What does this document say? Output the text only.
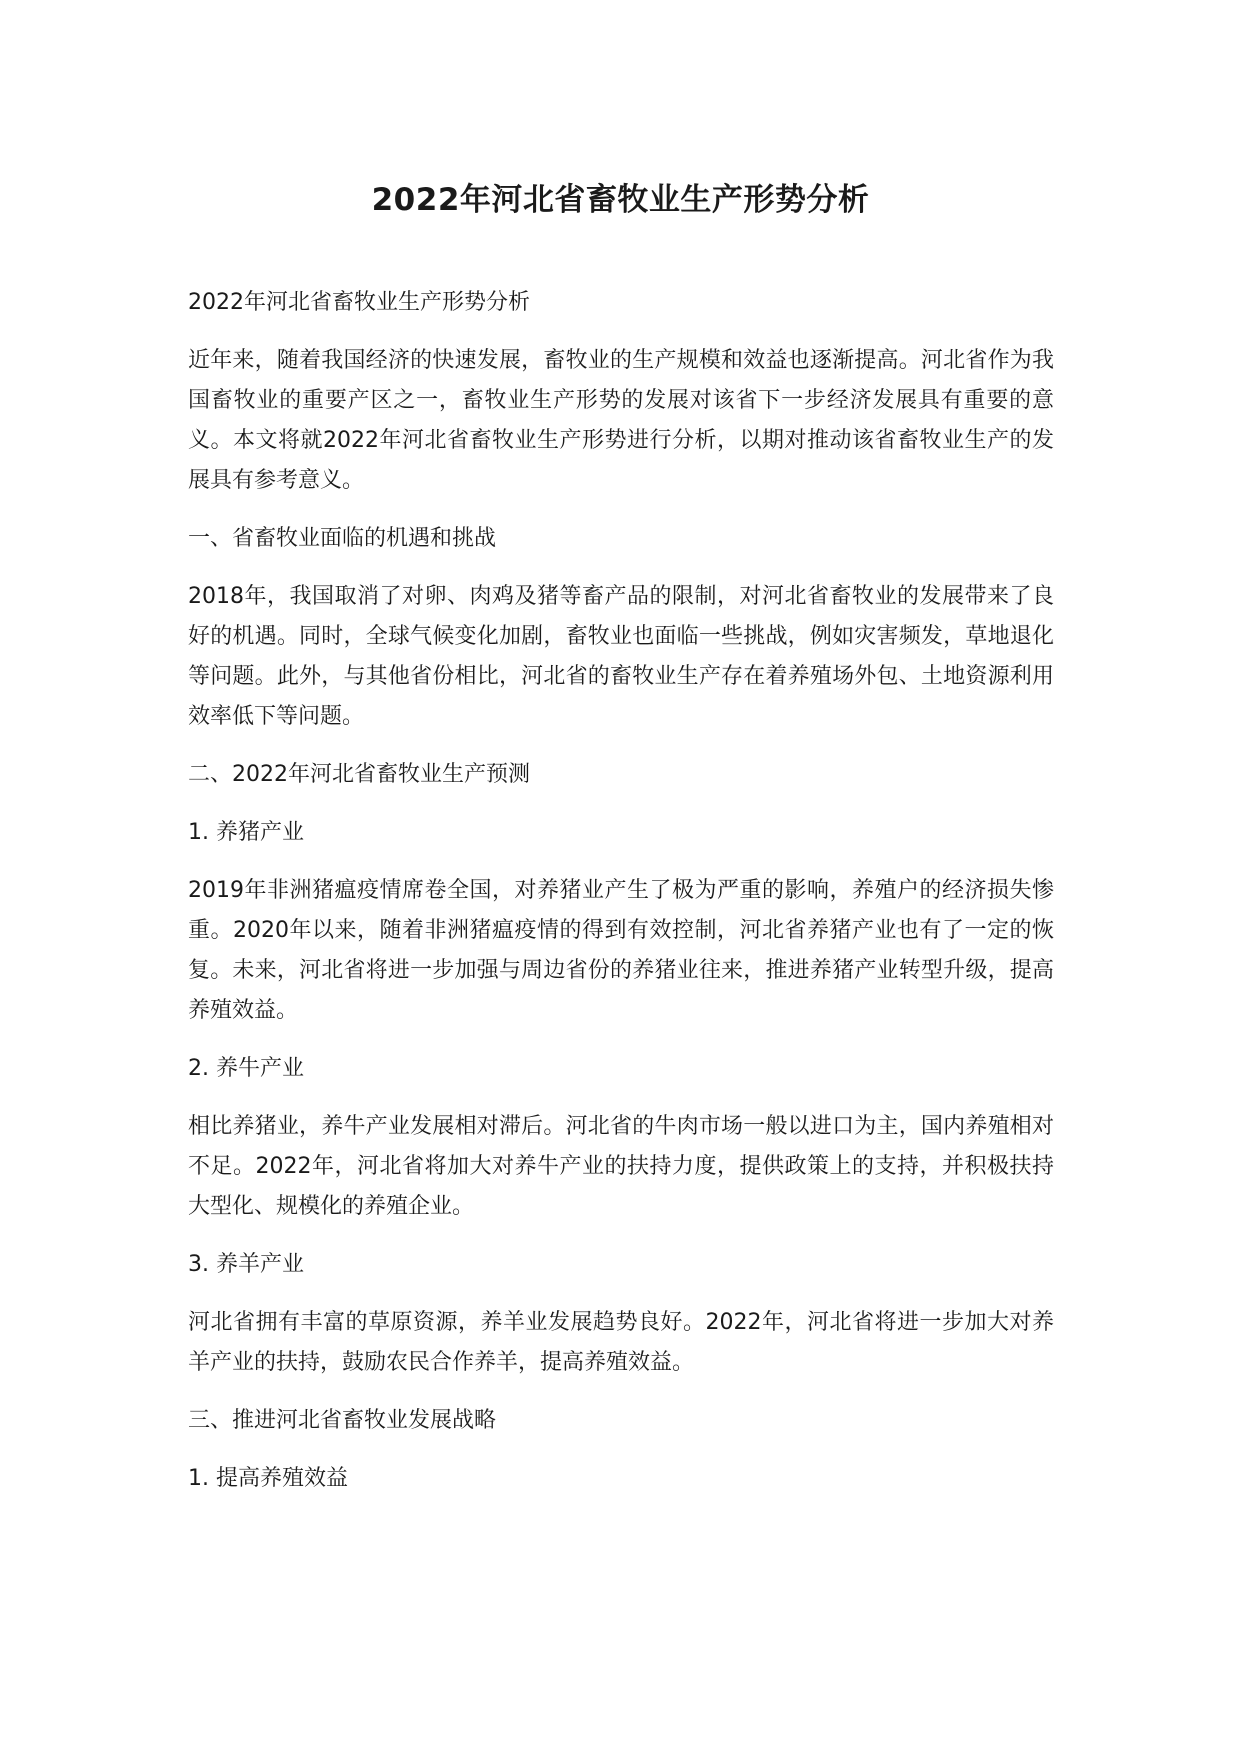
2022年河北省畜牧业生产形势分析

2022年河北省畜牧业生产形势分析

近年来，随着我国经济的快速发展，畜牧业的生产规模和效益也逐渐提高。河北省作为我国畜牧业的重要产区之一，畜牧业生产形势的发展对该省下一步经济发展具有重要的意义。本文将就2022年河北省畜牧业生产形势进行分析，以期对推动该省畜牧业生产的发展具有参考意义。

一、省畜牧业面临的机遇和挑战

2018年，我国取消了对卵、肉鸡及猪等畜产品的限制，对河北省畜牧业的发展带来了良好的机遇。同时，全球气候变化加剧，畜牧业也面临一些挑战，例如灾害频发，草地退化等问题。此外，与其他省份相比，河北省的畜牧业生产存在着养殖场外包、土地资源利用效率低下等问题。

二、2022年河北省畜牧业生产预测

1. 养猪产业

2019年非洲猪瘟疫情席卷全国，对养猪业产生了极为严重的影响，养殖户的经济损失惨重。2020年以来，随着非洲猪瘟疫情的得到有效控制，河北省养猪产业也有了一定的恢复。未来，河北省将进一步加强与周边省份的养猪业往来，推进养猪产业转型升级，提高养殖效益。

2. 养牛产业

相比养猪业，养牛产业发展相对滞后。河北省的牛肉市场一般以进口为主，国内养殖相对不足。2022年，河北省将加大对养牛产业的扶持力度，提供政策上的支持，并积极扶持大型化、规模化的养殖企业。

3. 养羊产业

河北省拥有丰富的草原资源，养羊业发展趋势良好。2022年，河北省将进一步加大对养羊产业的扶持，鼓励农民合作养羊，提高养殖效益。

三、推进河北省畜牧业发展战略

1. 提高养殖效益
